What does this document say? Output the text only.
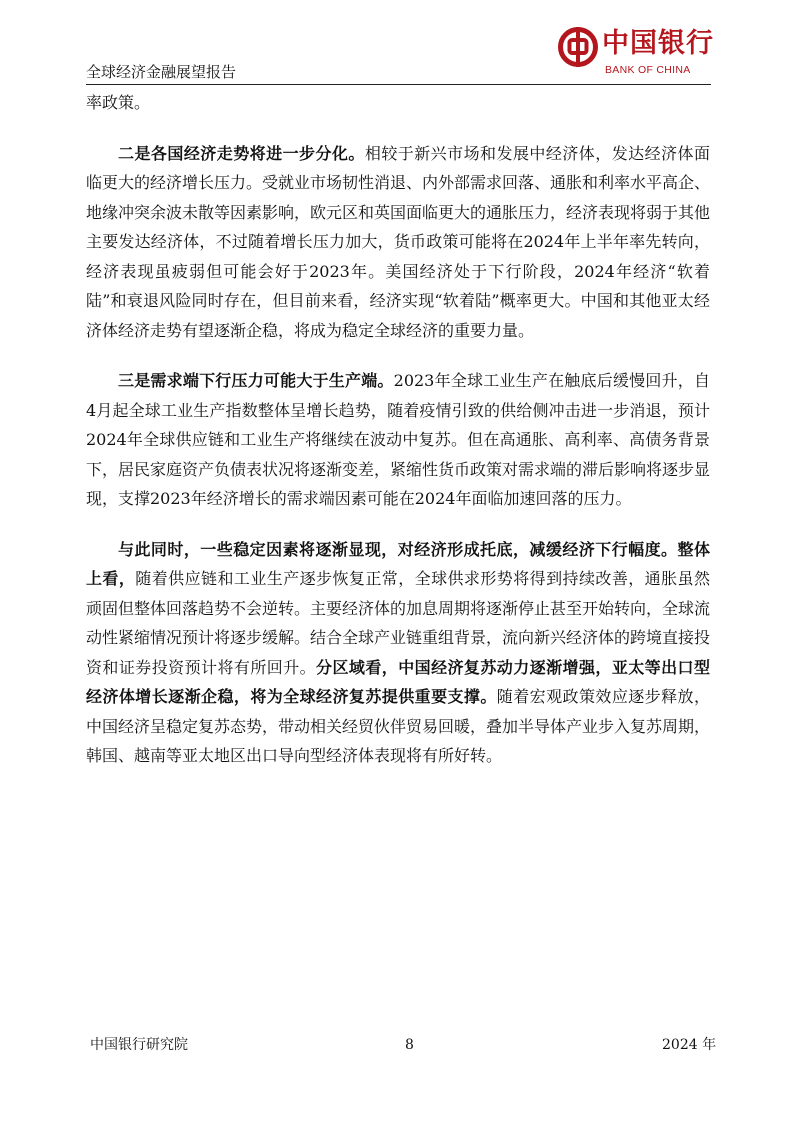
全球经济金融展望报告
中国银行
BANK OF CHINA

率政策。

二是各国经济走势将进一步分化。相较于新兴市场和发展中经济体，发达经济体面临更大的经济增长压力。受就业市场韧性消退、内外部需求回落、通胀和利率水平高企、地缘冲突余波未散等因素影响，欧元区和英国面临更大的通胀压力，经济表现将弱于其他主要发达经济体，不过随着增长压力加大，货币政策可能将在2024年上半年率先转向，经济表现虽疲弱但可能会好于2023年。美国经济处于下行阶段，2024年经济“软着陆”和衰退风险同时存在，但目前来看，经济实现“软着陆”概率更大。中国和其他亚太经济体经济走势有望逐渐企稳，将成为稳定全球经济的重要力量。

三是需求端下行压力可能大于生产端。2023年全球工业生产在触底后缓慢回升，自4月起全球工业生产指数整体呈增长趋势，随着疫情引致的供给侧冲击进一步消退，预计2024年全球供应链和工业生产将继续在波动中复苏。但在高通胀、高利率、高债务背景下，居民家庭资产负债表状况将逐渐变差，紧缩性货币政策对需求端的滞后影响将逐步显现，支撑2023年经济增长的需求端因素可能在2024年面临加速回落的压力。

与此同时，一些稳定因素将逐渐显现，对经济形成托底，减缓经济下行幅度。整体上看，随着供应链和工业生产逐步恢复正常，全球供求形势将得到持续改善，通胀虽然顽固但整体回落趋势不会逆转。主要经济体的加息周期将逐渐停止甚至开始转向，全球流动性紧缩情况预计将逐步缓解。结合全球产业链重组背景，流向新兴经济体的跨境直接投资和证券投资预计将有所回升。分区域看，中国经济复苏动力逐渐增强，亚太等出口型经济体增长逐渐企稳，将为全球经济复苏提供重要支撑。随着宏观政策效应逐步释放，中国经济呈稳定复苏态势，带动相关经贸伙伴贸易回暖，叠加半导体产业步入复苏周期，韩国、越南等亚太地区出口导向型经济体表现将有所好转。

中国银行研究院	8	2024 年
